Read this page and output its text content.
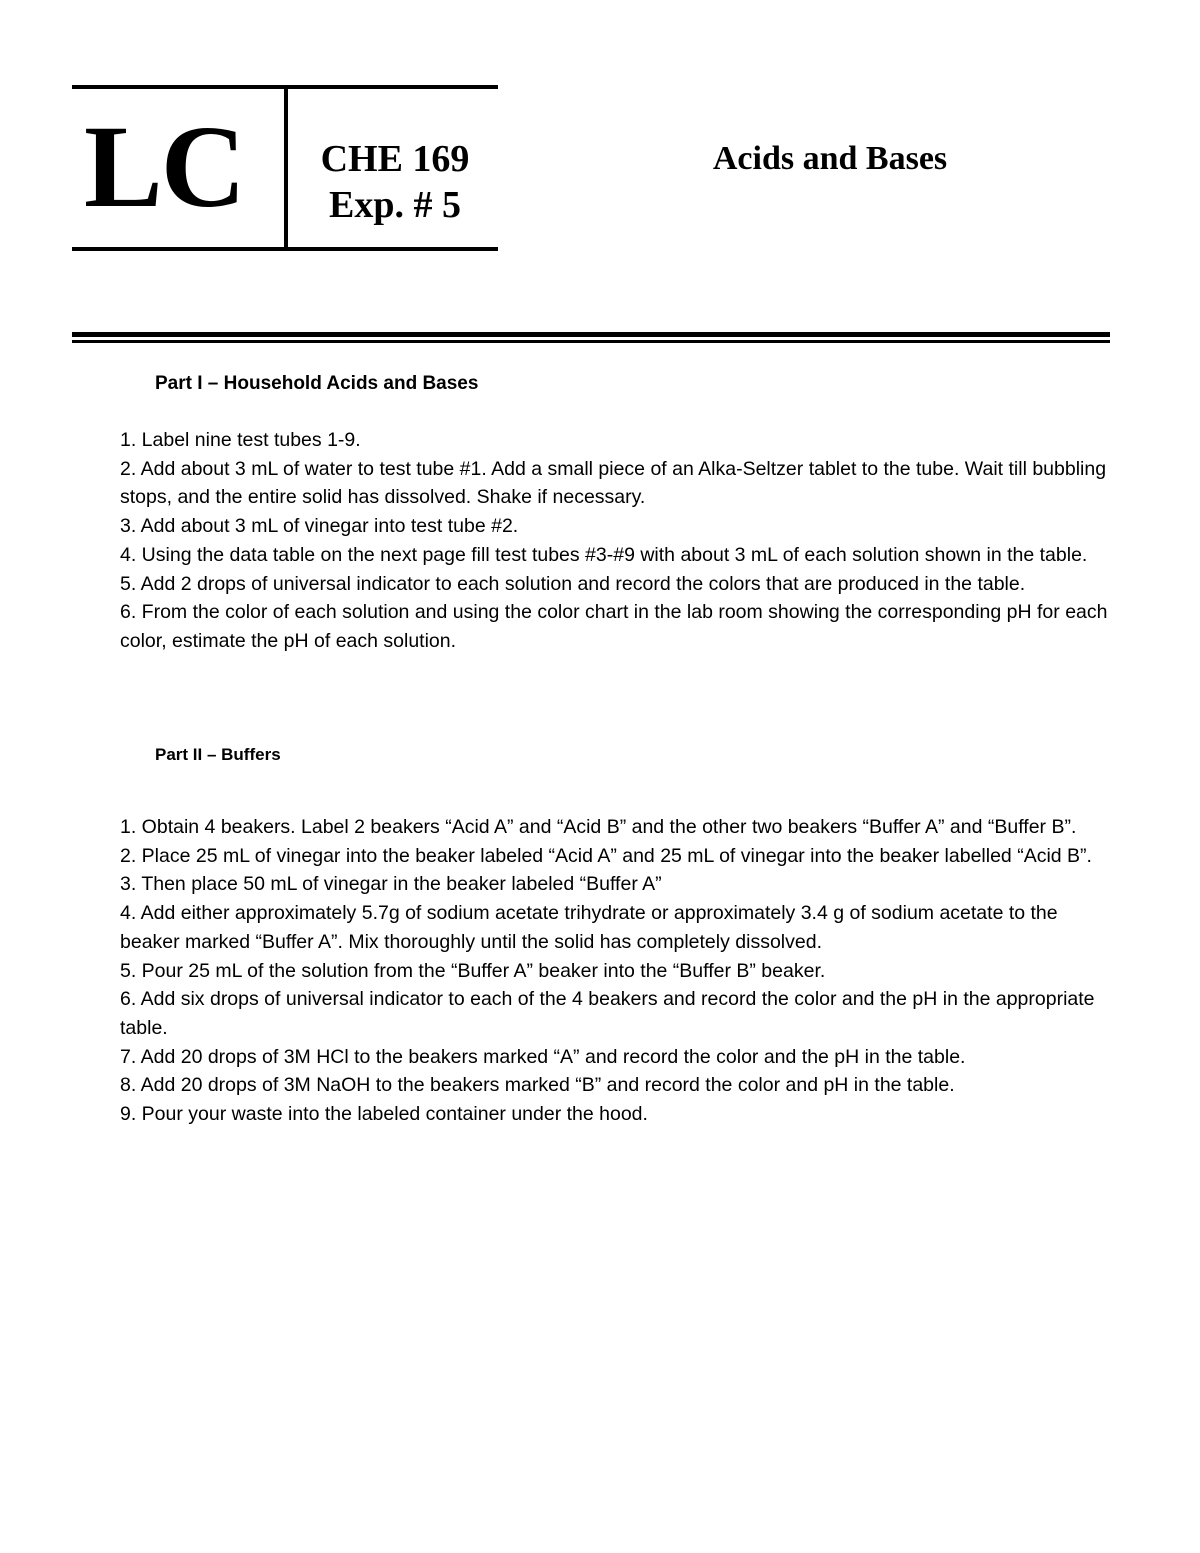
LC	CHE 169
Exp. # 5
Acids and Bases
Part I – Household Acids and Bases
1. Label nine test tubes 1-9.
2. Add about 3 mL of water to test tube #1. Add a small piece of an Alka-Seltzer tablet to the tube. Wait till bubbling stops, and the entire solid has dissolved. Shake if necessary.
3. Add about 3 mL of vinegar into test tube #2.
4. Using the data table on the next page fill test tubes #3-#9 with about 3 mL of each solution shown in the table.
5. Add 2 drops of universal indicator to each solution and record the colors that are produced in the table.
6. From the color of each solution and using the color chart in the lab room showing the corresponding pH for each color, estimate the pH of each solution.
Part II – Buffers
1. Obtain 4 beakers. Label 2 beakers “Acid A” and “Acid B” and the other two beakers “Buffer A” and “Buffer B”.
2. Place 25 mL of vinegar into the beaker labeled “Acid A” and 25 mL of vinegar into the beaker labelled “Acid B”.
3. Then place 50 mL of vinegar in the beaker labeled “Buffer A”
4. Add either approximately 5.7g of sodium acetate trihydrate or approximately 3.4 g of sodium acetate to the beaker marked “Buffer A”. Mix thoroughly until the solid has completely dissolved.
5. Pour 25 mL of the solution from the “Buffer A” beaker into the “Buffer B” beaker.
6. Add six drops of universal indicator to each of the 4 beakers and record the color and the pH in the appropriate table.
7. Add 20 drops of 3M HCl to the beakers marked “A” and record the color and the pH in the table.
8. Add 20 drops of 3M NaOH to the beakers marked “B” and record the color and pH in the table.
9. Pour your waste into the labeled container under the hood.
